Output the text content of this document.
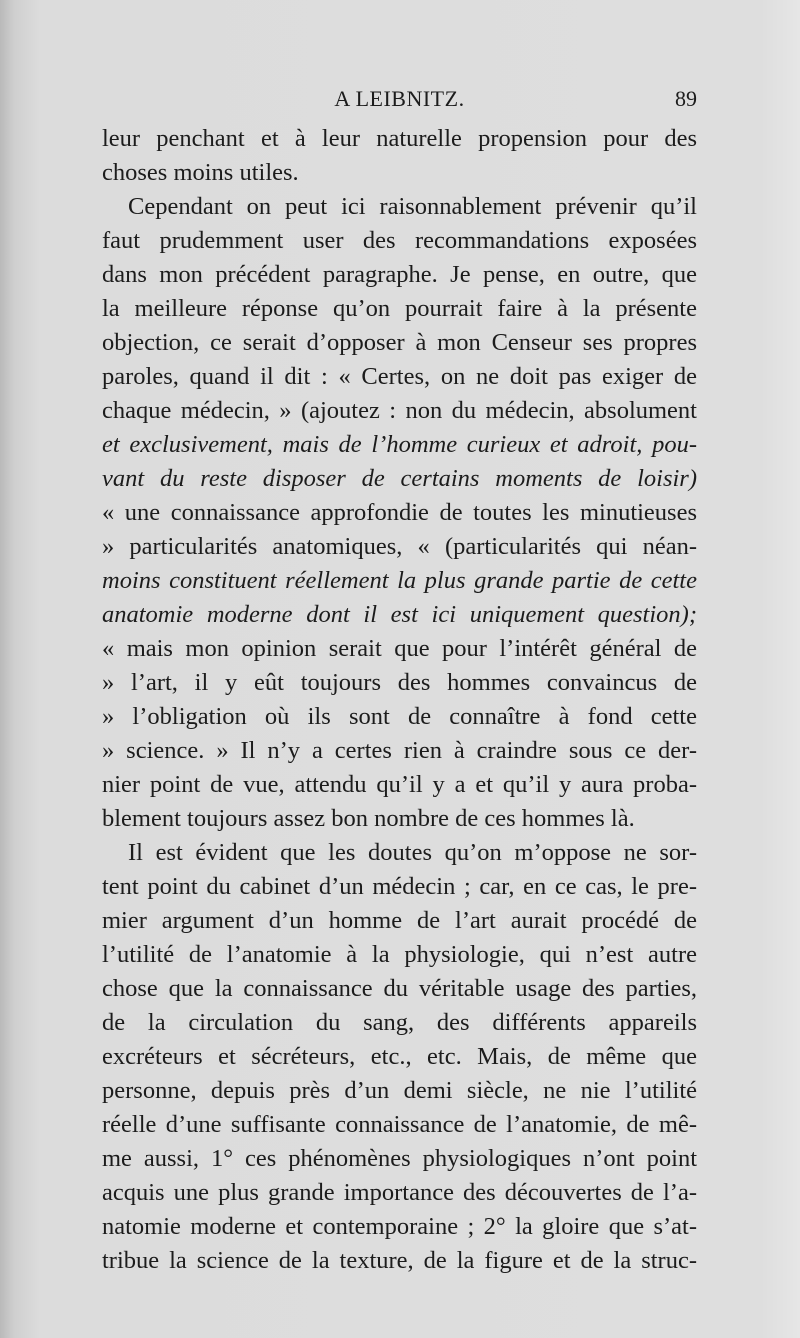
A LEIBNITZ.	89
leur penchant et à leur naturelle propension pour des
choses moins utiles.
Cependant on peut ici raisonnablement prévenir qu’il
faut prudemment user des recommandations exposées
dans mon précédent paragraphe. Je pense, en outre, que
la meilleure réponse qu’on pourrait faire à la présente
objection, ce serait d’opposer à mon Censeur ses propres
paroles, quand il dit : « Certes, on ne doit pas exiger de
chaque médecin, » (ajoutez : non du médecin, absolument
et exclusivement, mais de l’homme curieux et adroit, pou-
vant du reste disposer de certains moments de loisir)
« une connaissance approfondie de toutes les minutieuses
» particularités anatomiques, « (particularités qui néan-
moins constituent réellement la plus grande partie de cette
anatomie moderne dont il est ici uniquement question);
« mais mon opinion serait que pour l’intérêt général de
» l’art, il y eût toujours des hommes convaincus de
» l’obligation où ils sont de connaître à fond cette
» science. » Il n’y a certes rien à craindre sous ce der-
nier point de vue, attendu qu’il y a et qu’il y aura proba-
blement toujours assez bon nombre de ces hommes là.
Il est évident que les doutes qu’on m’oppose ne sor-
tent point du cabinet d’un médecin ; car, en ce cas, le pre-
mier argument d’un homme de l’art aurait procédé de
l’utilité de l’anatomie à la physiologie, qui n’est autre
chose que la connaissance du véritable usage des parties,
de la circulation du sang, des différents appareils
excréteurs et sécréteurs, etc., etc. Mais, de même que
personne, depuis près d’un demi siècle, ne nie l’utilité
réelle d’une suffisante connaissance de l’anatomie, de mê-
me aussi, 1° ces phénomènes physiologiques n’ont point
acquis une plus grande importance des découvertes de l’a-
natomie moderne et contemporaine ; 2° la gloire que s’at-
tribue la science de la texture, de la figure et de la struc-
